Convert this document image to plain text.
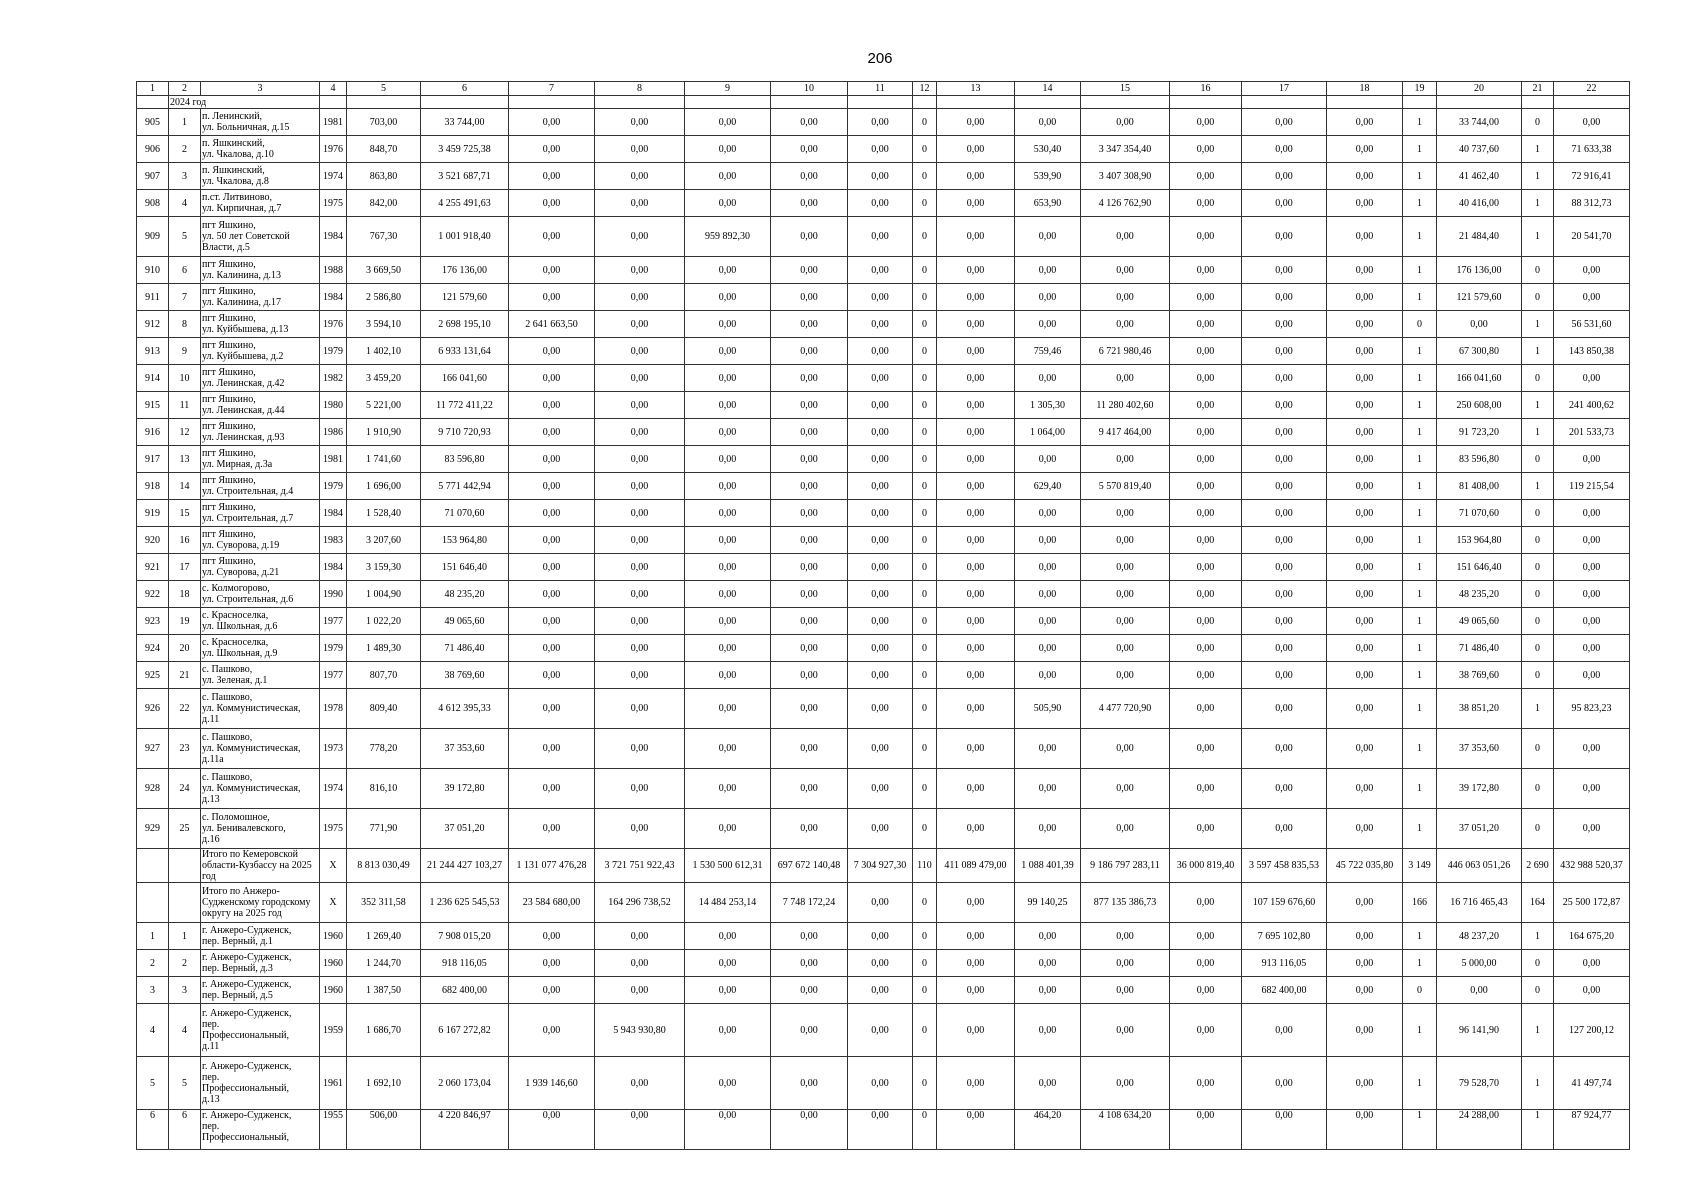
206
1	2	3	4	5	6	7	8	9	10	11	12	13	14	15	16	17	18	19	20	21	22
	2024 год																				
905	1	п. Ленинский,
ул. Больничная, д.15	1981	703,00	33 744,00	0,00	0,00	0,00	0,00	0,00	0	0,00	0,00	0,00	0,00	0,00	0,00	1	33 744,00	0	0,00
906	2	п. Яшкинский,
ул. Чкалова, д.10	1976	848,70	3 459 725,38	0,00	0,00	0,00	0,00	0,00	0	0,00	530,40	3 347 354,40	0,00	0,00	0,00	1	40 737,60	1	71 633,38
907	3	п. Яшкинский,
ул. Чкалова, д.8	1974	863,80	3 521 687,71	0,00	0,00	0,00	0,00	0,00	0	0,00	539,90	3 407 308,90	0,00	0,00	0,00	1	41 462,40	1	72 916,41
908	4	п.ст. Литвиново,
ул. Кирпичная, д.7	1975	842,00	4 255 491,63	0,00	0,00	0,00	0,00	0,00	0	0,00	653,90	4 126 762,90	0,00	0,00	0,00	1	40 416,00	1	88 312,73
909	5	пгт Яшкино,
ул. 50 лет Советской
Власти, д.5	1984	767,30	1 001 918,40	0,00	0,00	959 892,30	0,00	0,00	0	0,00	0,00	0,00	0,00	0,00	0,00	1	21 484,40	1	20 541,70
910	6	пгт Яшкино,
ул. Калинина, д.13	1988	3 669,50	176 136,00	0,00	0,00	0,00	0,00	0,00	0	0,00	0,00	0,00	0,00	0,00	0,00	1	176 136,00	0	0,00
911	7	пгт Яшкино,
ул. Калинина, д.17	1984	2 586,80	121 579,60	0,00	0,00	0,00	0,00	0,00	0	0,00	0,00	0,00	0,00	0,00	0,00	1	121 579,60	0	0,00
912	8	пгт Яшкино,
ул. Куйбышева, д.13	1976	3 594,10	2 698 195,10	2 641 663,50	0,00	0,00	0,00	0,00	0	0,00	0,00	0,00	0,00	0,00	0,00	0	0,00	1	56 531,60
913	9	пгт Яшкино,
ул. Куйбышева, д.2	1979	1 402,10	6 933 131,64	0,00	0,00	0,00	0,00	0,00	0	0,00	759,46	6 721 980,46	0,00	0,00	0,00	1	67 300,80	1	143 850,38
914	10	пгт Яшкино,
ул. Ленинская, д.42	1982	3 459,20	166 041,60	0,00	0,00	0,00	0,00	0,00	0	0,00	0,00	0,00	0,00	0,00	0,00	1	166 041,60	0	0,00
915	11	пгт Яшкино,
ул. Ленинская, д.44	1980	5 221,00	11 772 411,22	0,00	0,00	0,00	0,00	0,00	0	0,00	1 305,30	11 280 402,60	0,00	0,00	0,00	1	250 608,00	1	241 400,62
916	12	пгт Яшкино,
ул. Ленинская, д.93	1986	1 910,90	9 710 720,93	0,00	0,00	0,00	0,00	0,00	0	0,00	1 064,00	9 417 464,00	0,00	0,00	0,00	1	91 723,20	1	201 533,73
917	13	пгт Яшкино,
ул. Мирная, д.3а	1981	1 741,60	83 596,80	0,00	0,00	0,00	0,00	0,00	0	0,00	0,00	0,00	0,00	0,00	0,00	1	83 596,80	0	0,00
918	14	пгт Яшкино,
ул. Строительная, д.4	1979	1 696,00	5 771 442,94	0,00	0,00	0,00	0,00	0,00	0	0,00	629,40	5 570 819,40	0,00	0,00	0,00	1	81 408,00	1	119 215,54
919	15	пгт Яшкино,
ул. Строительная, д.7	1984	1 528,40	71 070,60	0,00	0,00	0,00	0,00	0,00	0	0,00	0,00	0,00	0,00	0,00	0,00	1	71 070,60	0	0,00
920	16	пгт Яшкино,
ул. Суворова, д.19	1983	3 207,60	153 964,80	0,00	0,00	0,00	0,00	0,00	0	0,00	0,00	0,00	0,00	0,00	0,00	1	153 964,80	0	0,00
921	17	пгт Яшкино,
ул. Суворова, д.21	1984	3 159,30	151 646,40	0,00	0,00	0,00	0,00	0,00	0	0,00	0,00	0,00	0,00	0,00	0,00	1	151 646,40	0	0,00
922	18	с. Колмогорово,
ул. Строительная, д.6	1990	1 004,90	48 235,20	0,00	0,00	0,00	0,00	0,00	0	0,00	0,00	0,00	0,00	0,00	0,00	1	48 235,20	0	0,00
923	19	с. Красноселка,
ул. Школьная, д.6	1977	1 022,20	49 065,60	0,00	0,00	0,00	0,00	0,00	0	0,00	0,00	0,00	0,00	0,00	0,00	1	49 065,60	0	0,00
924	20	с. Красноселка,
ул. Школьная, д.9	1979	1 489,30	71 486,40	0,00	0,00	0,00	0,00	0,00	0	0,00	0,00	0,00	0,00	0,00	0,00	1	71 486,40	0	0,00
925	21	с. Пашково,
ул. Зеленая, д.1	1977	807,70	38 769,60	0,00	0,00	0,00	0,00	0,00	0	0,00	0,00	0,00	0,00	0,00	0,00	1	38 769,60	0	0,00
926	22	с. Пашково,
ул. Коммунистическая,
д.11	1978	809,40	4 612 395,33	0,00	0,00	0,00	0,00	0,00	0	0,00	505,90	4 477 720,90	0,00	0,00	0,00	1	38 851,20	1	95 823,23
927	23	с. Пашково,
ул. Коммунистическая,
д.11а	1973	778,20	37 353,60	0,00	0,00	0,00	0,00	0,00	0	0,00	0,00	0,00	0,00	0,00	0,00	1	37 353,60	0	0,00
928	24	с. Пашково,
ул. Коммунистическая,
д.13	1974	816,10	39 172,80	0,00	0,00	0,00	0,00	0,00	0	0,00	0,00	0,00	0,00	0,00	0,00	1	39 172,80	0	0,00
929	25	с. Поломошное,
ул. Бенивалевского,
д.16	1975	771,90	37 051,20	0,00	0,00	0,00	0,00	0,00	0	0,00	0,00	0,00	0,00	0,00	0,00	1	37 051,20	0	0,00
		Итого по Кемеровской
области-Кузбассу на 2025 год	X	8 813 030,49	21 244 427 103,27	1 131 077 476,28	3 721 751 922,43	1 530 500 612,31	697 672 140,48	7 304 927,30	110	411 089 479,00	1 088 401,39	9 186 797 283,11	36 000 819,40	3 597 458 835,53	45 722 035,80	3 149	446 063 051,26	2 690	432 988 520,37
		Итого по Анжеро-
Судженскому городскому
округу на 2025 год	X	352 311,58	1 236 625 545,53	23 584 680,00	164 296 738,52	14 484 253,14	7 748 172,24	0,00	0	0,00	99 140,25	877 135 386,73	0,00	107 159 676,60	0,00	166	16 716 465,43	164	25 500 172,87
1	1	г. Анжеро-Судженск,
пер. Верный, д.1	1960	1 269,40	7 908 015,20	0,00	0,00	0,00	0,00	0,00	0	0,00	0,00	0,00	0,00	7 695 102,80	0,00	1	48 237,20	1	164 675,20
2	2	г. Анжеро-Судженск,
пер. Верный, д.3	1960	1 244,70	918 116,05	0,00	0,00	0,00	0,00	0,00	0	0,00	0,00	0,00	0,00	913 116,05	0,00	1	5 000,00	0	0,00
3	3	г. Анжеро-Судженск,
пер. Верный, д.5	1960	1 387,50	682 400,00	0,00	0,00	0,00	0,00	0,00	0	0,00	0,00	0,00	0,00	682 400,00	0,00	0	0,00	0	0,00
4	4	г. Анжеро-Судженск,
пер.
Профессиональный,
д.11	1959	1 686,70	6 167 272,82	0,00	5 943 930,80	0,00	0,00	0,00	0	0,00	0,00	0,00	0,00	0,00	0,00	1	96 141,90	1	127 200,12
5	5	г. Анжеро-Судженск,
пер.
Профессиональный,
д.13	1961	1 692,10	2 060 173,04	1 939 146,60	0,00	0,00	0,00	0,00	0	0,00	0,00	0,00	0,00	0,00	0,00	1	79 528,70	1	41 497,74
6	6	г. Анжеро-Судженск,
пер.
Профессиональный,	1955	506,00	4 220 846,97	0,00	0,00	0,00	0,00	0,00	0	0,00	464,20	4 108 634,20	0,00	0,00	0,00	1	24 288,00	1	87 924,77
